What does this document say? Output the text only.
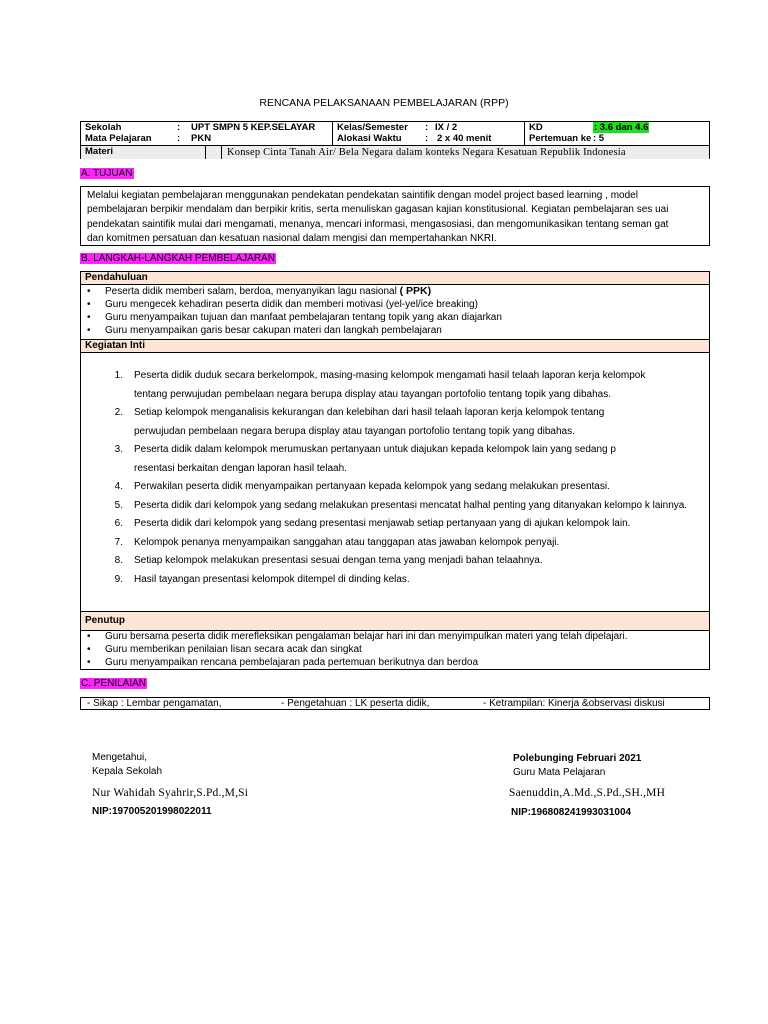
RENCANA PELAKSANAAN PEMBELAJARAN (RPP)
Sekolah	: UPT SMPN 5 KEP.SELAYAR
Mata Pelajaran	: PKN
Kelas/Semester : IX / 2
Alokasi Waktu : 2 x 40 menit
KD	: 3.6 dan 4.6
Pertemuan ke : 5
Materi	Konsep Cinta Tanah Air/ Bela Negara dalam konteks Negara Kesatuan Republik Indonesia
A. TUJUAN
Melalui kegiatan pembelajaran menggunakan pendekatan pendekatan saintifik dengan model project based learning , model
pembelajaran berpikir mendalam dan berpikir kritis, serta menuliskan gagasan kajian konstitusional. Kegiatan pembelajaran ses uai
pendekatan saintifik mulai dari mengamati, menanya, mencari informasi, mengasosiasi, dan mengomunikasikan tentang seman gat
dan komitmen persatuan dan kesatuan nasional dalam mengisi dan mempertahankan NKRI.
B. LANGKAH-LANGKAH PEMBELAJARAN
Pendahuluan
• Peserta didik memberi salam, berdoa, menyanyikan lagu nasional ( PPK)
• Guru mengecek kehadiran peserta didik dan memberi motivasi (yel-yel/ice breaking)
• Guru menyampaikan tujuan dan manfaat pembelajaran tentang topik yang akan diajarkan
• Guru menyampaikan garis besar cakupan materi dan langkah pembelajaran
Kegiatan Inti
1. Peserta didik duduk secara berkelompok, masing-masing kelompok mengamati hasil telaah laporan kerja kelompok
tentang perwujudan pembelaan negara berupa display atau tayangan portofolio tentang topik yang dibahas.
2. Setiap kelompok menganalisis kekurangan dan kelebihan dari hasil telaah laporan kerja kelompok tentang
perwujudan pembelaan negara berupa display atau tayangan portofolio tentang topik yang dibahas.
3. Peserta didik dalam kelompok merumuskan pertanyaan untuk diajukan kepada kelompok lain yang sedang p
resentasi berkaitan dengan laporan hasil telaah.
4. Perwakilan peserta didik menyampaikan pertanyaan kepada kelompok yang sedang melakukan presentasi.
5. Peserta didik dari kelompok yang sedang melakukan presentasi mencatat halhal penting yang ditanyakan kelompo k lainnya.
6. Peserta didik dari kelompok yang sedang presentasi menjawab setiap pertanyaan yang di ajukan kelompok lain.
7. Kelompok penanya menyampaikan sanggahan atau tanggapan atas jawaban kelompok penyaji.
8. Setiap kelompok melakukan presentasi sesuai dengan tema yang menjadi bahan telaahnya.
9. Hasil tayangan presentasi kelompok ditempel di dinding kelas.
Penutup
• Guru bersama peserta didik merefleksikan pengalaman belajar hari ini dan menyimpulkan materi yang telah dipelajari.
• Guru memberikan penilaian lisan secara acak dan singkat
• Guru menyampaikan rencana pembelajaran pada pertemuan berikutnya dan berdoa
C. PENILAIAN
- Sikap : Lembar pengamatan,	- Pengetahuan : LK peserta didik,	- Ketrampilan: Kinerja &observasi diskusi
Mengetahui,
Kepala Sekolah
Nur Wahidah Syahrir,S.Pd.,M,Si
NIP:197005201998022011
Polebunging Februari 2021
Guru Mata Pelajaran
Saenuddin,A.Md.,S.Pd.,SH.,MH
NIP:196808241993031004
